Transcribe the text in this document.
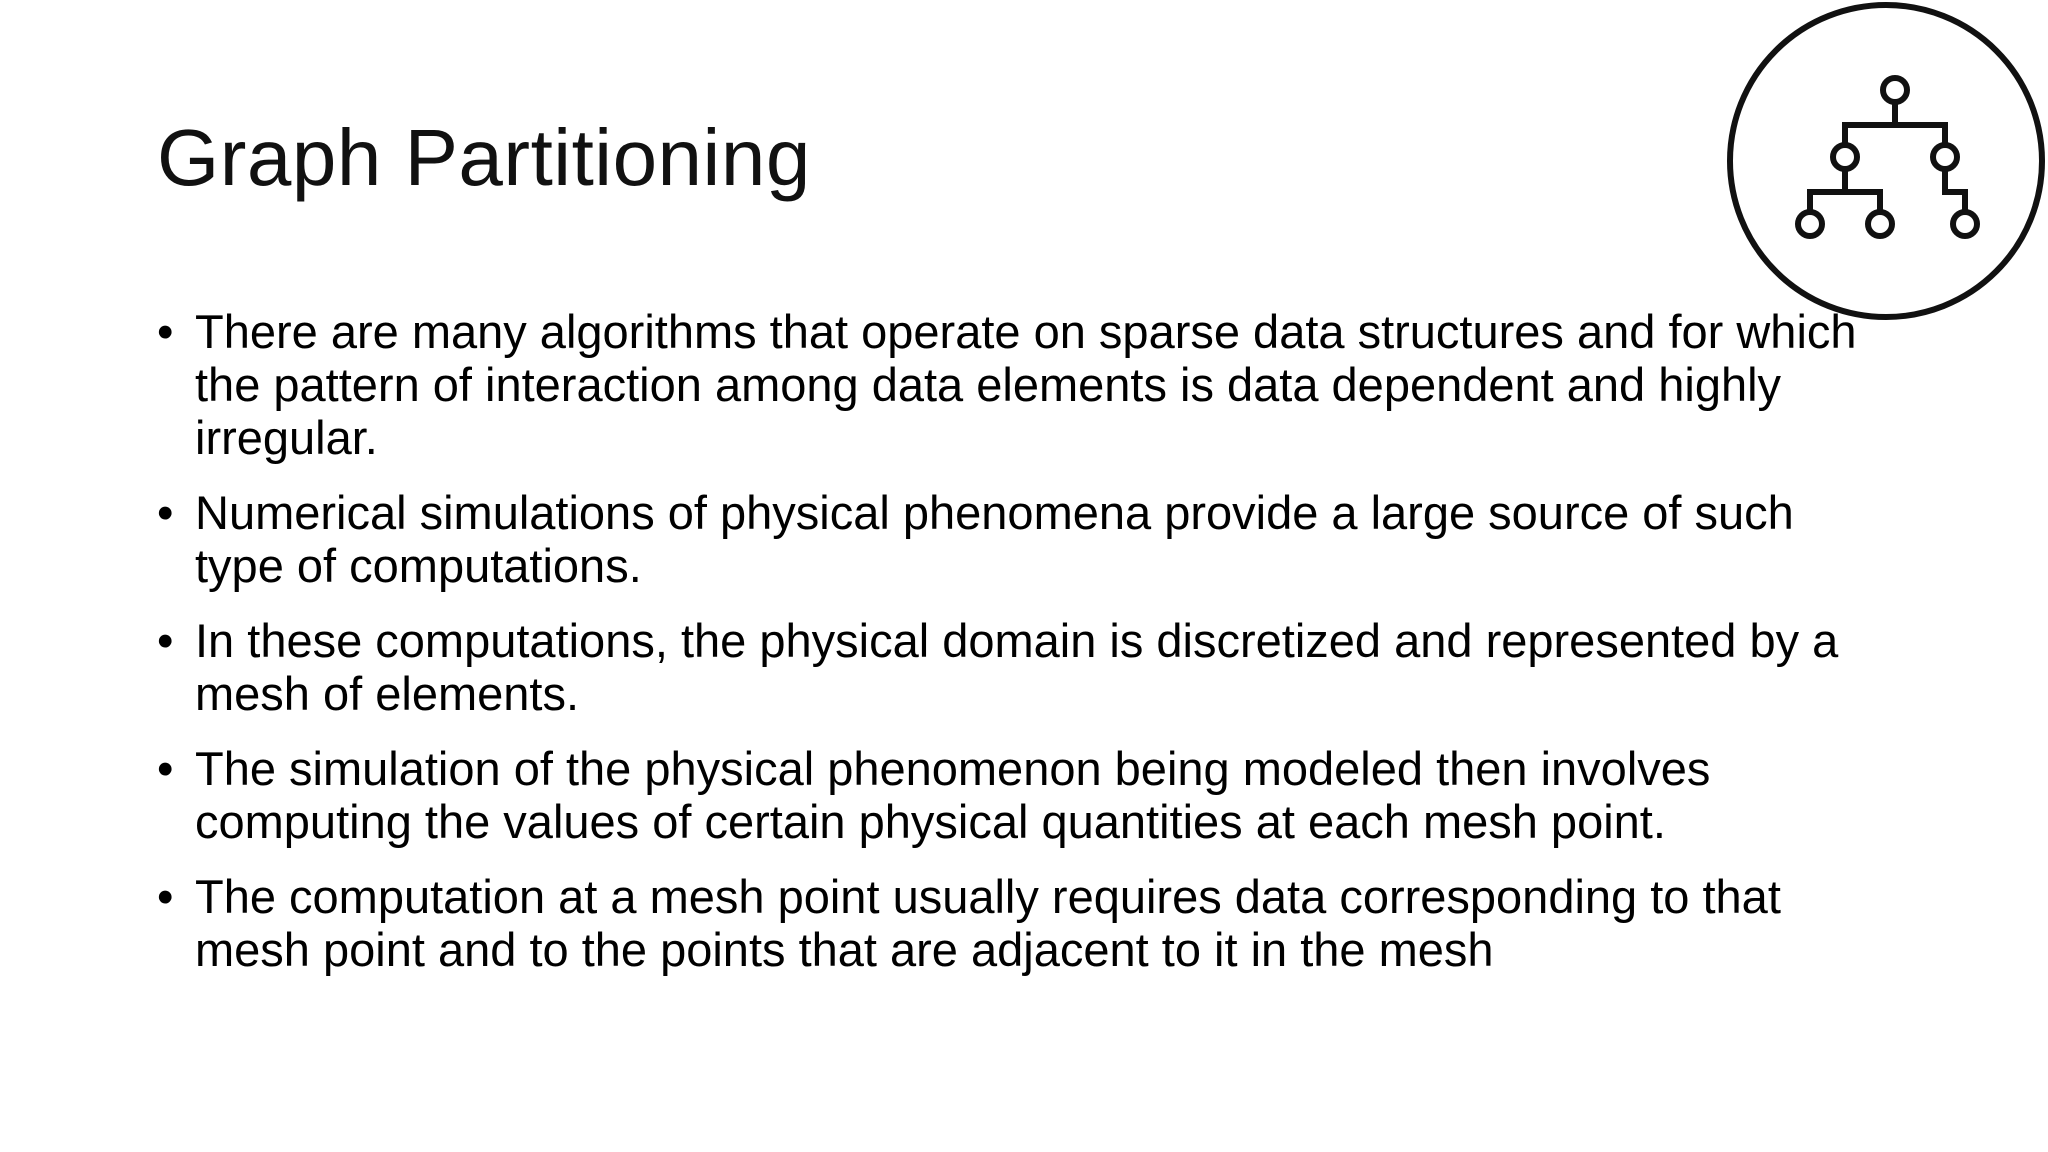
Graph Partitioning
• There are many algorithms that operate on sparse data structures and for which the pattern of interaction among data elements is data dependent and highly irregular.
• Numerical simulations of physical phenomena provide a large source of such type of computations.
• In these computations, the physical domain is discretized and represented by a mesh of elements.
• The simulation of the physical phenomenon being modeled then involves computing the values of certain physical quantities at each mesh point.
• The computation at a mesh point usually requires data corresponding to that mesh point and to the points that are adjacent to it in the mesh
